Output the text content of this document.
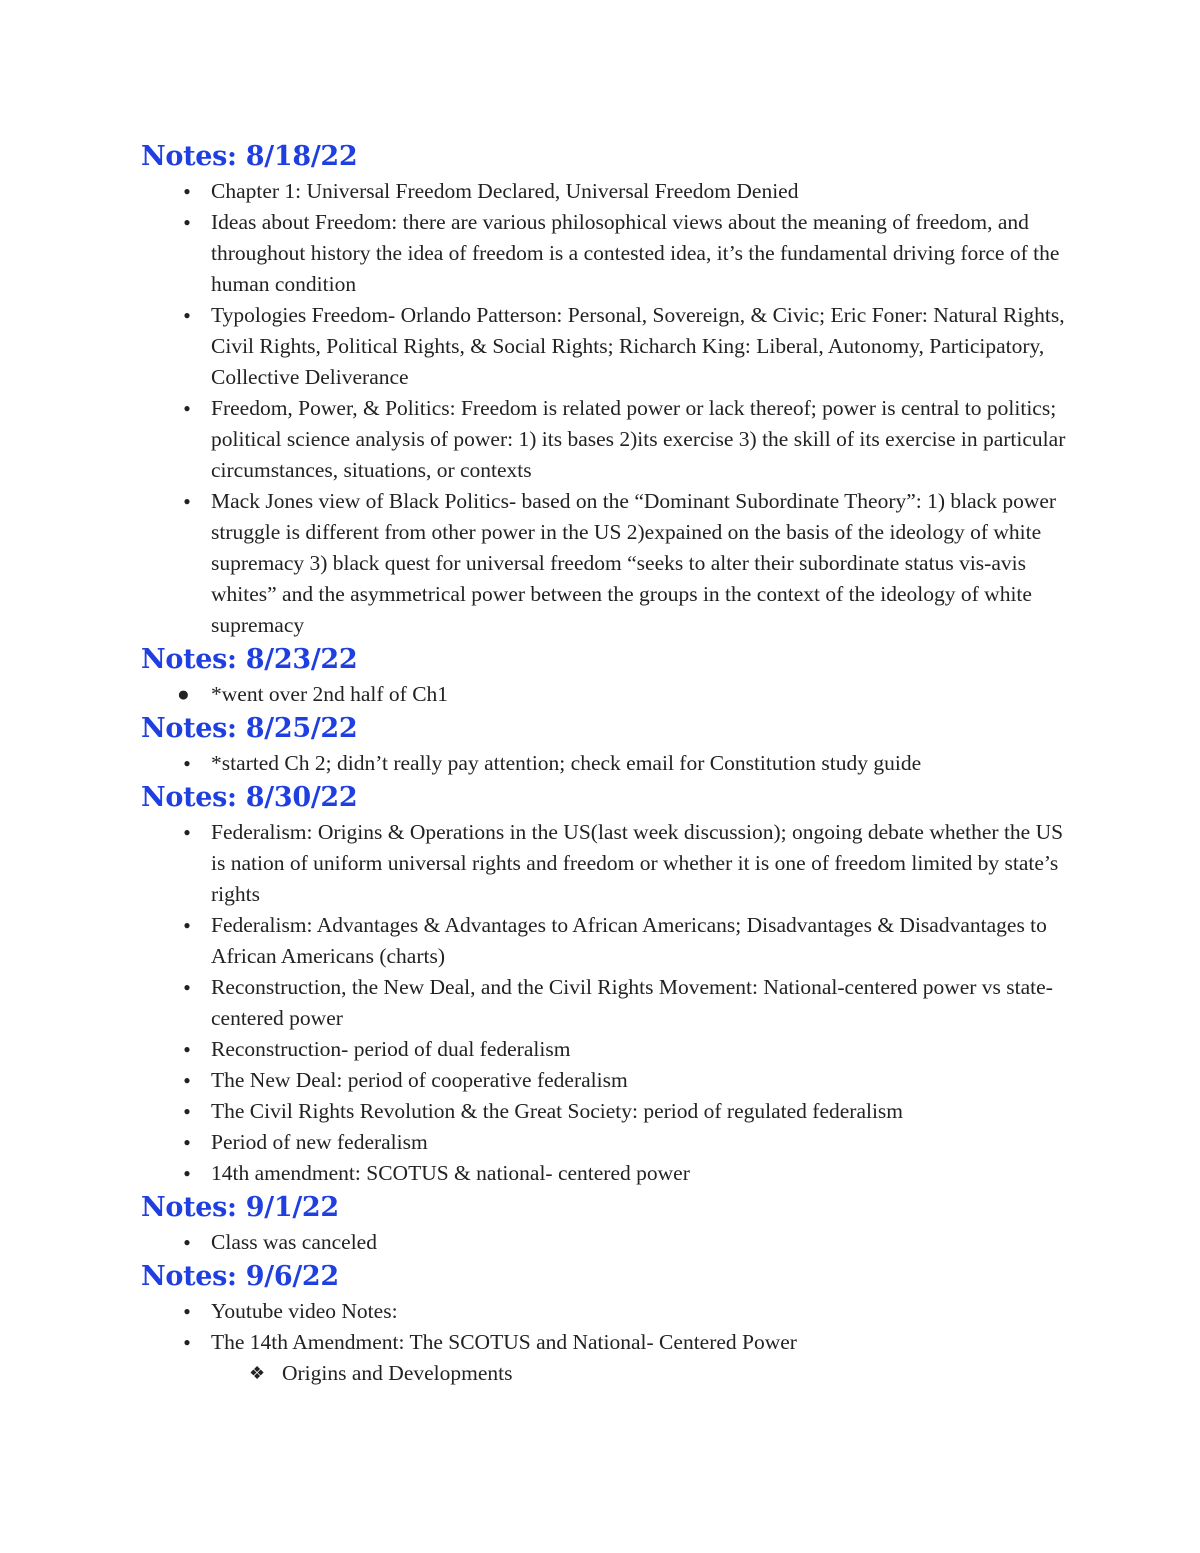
Notes: 8/18/22
● Chapter 1: Universal Freedom Declared, Universal Freedom Denied
● Ideas about Freedom: there are various philosophical views about the meaning of freedom, and throughout history the idea of freedom is a contested idea, it’s the fundamental driving force of the human condition
● Typologies Freedom- Orlando Patterson: Personal, Sovereign, & Civic; Eric Foner: Natural Rights, Civil Rights, Political Rights, & Social Rights; Richarch King: Liberal, Autonomy, Participatory, Collective Deliverance
● Freedom, Power, & Politics: Freedom is related power or lack thereof; power is central to politics; political science analysis of power: 1) its bases 2)its exercise 3) the skill of its exercise in particular circumstances, situations, or contexts
● Mack Jones view of Black Politics- based on the “Dominant Subordinate Theory”: 1) black power struggle is different from other power in the US 2)expained on the basis of the ideology of white supremacy 3) black quest for universal freedom “seeks to alter their subordinate status vis-avis whites” and the asymmetrical power between the groups in the context of the ideology of white supremacy
Notes: 8/23/22
● *went over 2nd half of Ch1
Notes: 8/25/22
● *started Ch 2; didn’t really pay attention; check email for Constitution study guide
Notes: 8/30/22
● Federalism: Origins & Operations in the US(last week discussion); ongoing debate whether the US is nation of uniform universal rights and freedom or whether it is one of freedom limited by state’s rights
● Federalism: Advantages & Advantages to African Americans; Disadvantages & Disadvantages to African Americans (charts)
● Reconstruction, the New Deal, and the Civil Rights Movement: National-centered power vs state-centered power
● Reconstruction- period of dual federalism
● The New Deal: period of cooperative federalism
● The Civil Rights Revolution & the Great Society: period of regulated federalism
● Period of new federalism
● 14th amendment: SCOTUS & national- centered power
Notes: 9/1/22
● Class was canceled
Notes: 9/6/22
● Youtube video Notes:
● The 14th Amendment: The SCOTUS and National- Centered Power
❖ Origins and Developments
